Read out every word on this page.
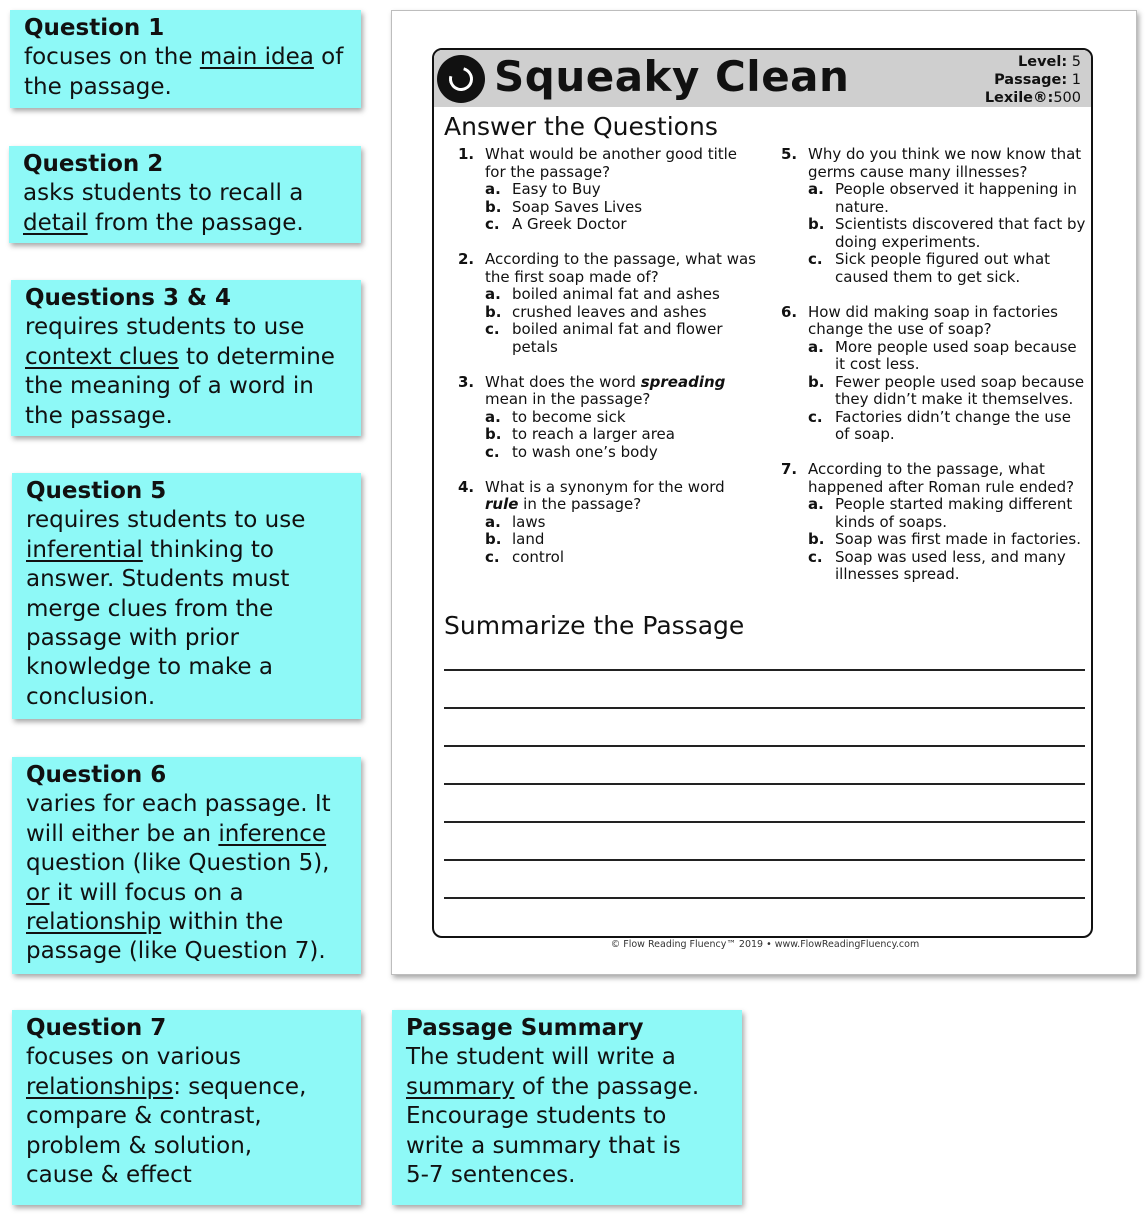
Question 1
focuses on the main idea of the passage.
Question 2
asks students to recall a detail from the passage.
Questions 3 & 4
requires students to use context clues to determine the meaning of a word in the passage.
Question 5
requires students to use inferential thinking to answer. Students must merge clues from the passage with prior knowledge to make a conclusion.
Question 6
varies for each passage. It will either be an inference question (like Question 5), or it will focus on a relationship within the passage (like Question 7).
Question 7
focuses on various
relationships: sequence,
compare & contrast,
problem & solution,
cause & effect
Passage Summary
The student will write a summary of the passage. Encourage students to write a summary that is
5-7 sentences.
Squeaky Clean	Level: 5
Passage: 1
Lexile®:500
Answer the Questions
1. What would be another good title for the passage?
a. Easy to Buy
b. Soap Saves Lives
c. A Greek Doctor
2. According to the passage, what was the first soap made of?
a. boiled animal fat and ashes
b. crushed leaves and ashes
c. boiled animal fat and flower petals
3. What does the word spreading mean in the passage?
a. to become sick
b. to reach a larger area
c. to wash one’s body
4. What is a synonym for the word rule in the passage?
a. laws
b. land
c. control
5. Why do you think we now know that germs cause many illnesses?
a. People observed it happening in nature.
b. Scientists discovered that fact by doing experiments.
c. Sick people figured out what caused them to get sick.
6. How did making soap in factories change the use of soap?
a. More people used soap because it cost less.
b. Fewer people used soap because they didn’t make it themselves.
c. Factories didn’t change the use of soap.
7. According to the passage, what happened after Roman rule ended?
a. People started making different kinds of soaps.
b. Soap was first made in factories.
c. Soap was used less, and many illnesses spread.
Summarize the Passage
© Flow Reading Fluency™ 2019 • www.FlowReadingFluency.com
